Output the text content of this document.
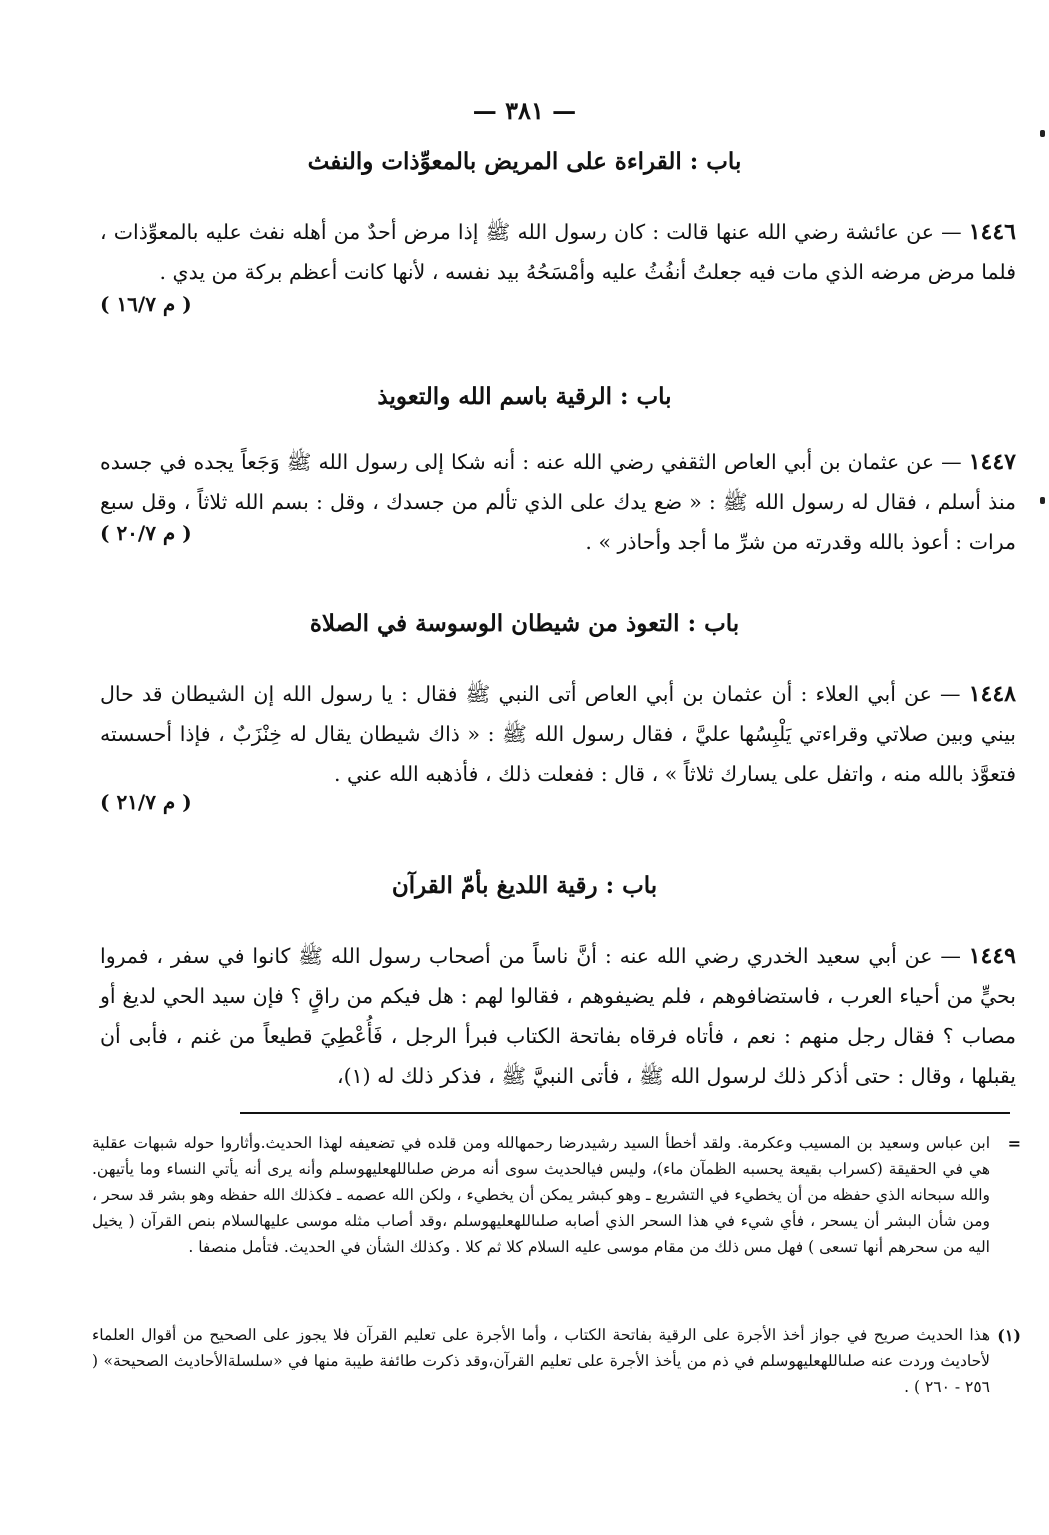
— ٣٨١ —
باب : القراءة على المريض بالمعوِّذات والنفث
١٤٤٦ — عن عائشة رضي الله عنها قالت : كان رسول الله ﷺ إذا مرض أحدٌ من أهله نفث عليه بالمعوِّذات ، فلما مرض مرضه الذي مات فيه جعلتُ أنفُثُ عليه وأمْسَحُهُ بيد نفسه ، لأنها كانت أعظم بركة من يدي .
( م ١٦/٧ )
باب : الرقية باسم الله والتعويذ
١٤٤٧ — عن عثمان بن أبي العاص الثقفي رضي الله عنه : أنه شكا إلى رسول الله ﷺ وَجَعاً يجده في جسده منذ أسلم ، فقال له رسول الله ﷺ : « ضع يدك على الذي تألم من جسدك ، وقل : بسم الله ثلاثاً ، وقل سبع مرات : أعوذ بالله وقدرته من شرِّ ما أجد وأحاذر » .
( م ٢٠/٧ )
باب : التعوذ من شيطان الوسوسة في الصلاة
١٤٤٨ — عن أبي العلاء : أن عثمان بن أبي العاص أتى النبي ﷺ فقال : يا رسول الله إن الشيطان قد حال بيني وبين صلاتي وقراءتي يَلْبِسُها عليَّ ، فقال رسول الله ﷺ : « ذاك شيطان يقال له خِنْزَبٌ ، فإذا أحسسته فتعوَّذ بالله منه ، واتفل على يسارك ثلاثاً » ، قال : ففعلت ذلك ، فأذهبه الله عني .
( م ٢١/٧ )
باب : رقية اللديغ بأمّ القرآن
١٤٤٩ — عن أبي سعيد الخدري رضي الله عنه : أنَّ ناساً من أصحاب رسول الله ﷺ كانوا في سفر ، فمروا بحيٍّ من أحياء العرب ، فاستضافوهم ، فلم يضيفوهم ، فقالوا لهم : هل فيكم من راقٍ ؟ فإن سيد الحي لديغ أو مصاب ؟ فقال رجل منهم : نعم ، فأتاه فرقاه بفاتحة الكتاب فبرأ الرجل ، فَأُعْطِيَ قطيعاً من غنم ، فأبى أن يقبلها ، وقال : حتى أذكر ذلك لرسول الله ﷺ ، فأتى النبيَّ ﷺ ، فذكر ذلك له (١)،
=
ابن عباس وسعيد بن المسيب وعكرمة. ولقد أخطأ السيد رشيدرضا رحمهالله ومن قلده في تضعيفه لهذا الحديث.وأثاروا حوله شبهات عقلية هي في الحقيقة (كسراب بقيعة يحسبه الظمآن ماء)، وليس فيالحديث سوى أنه مرض صلىاللهعليهوسلم وأنه يرى أنه يأتي النساء وما يأتيهن. والله سبحانه الذي حفظه من أن يخطيء في التشريع ـ وهو كبشر يمكن أن يخطيء ، ولكن الله عصمه ـ فكذلك الله حفظه وهو بشر قد سحر ، ومن شأن البشر أن يسحر ، فأي شيء في هذا السحر الذي أصابه صلىاللهعليهوسلم ،وقد أصاب مثله موسى عليهالسلام بنص القرآن ( يخيل اليه من سحرهم أنها تسعى ) فهل مس ذلك من مقام موسى عليه السلام كلا ثم كلا . وكذلك الشأن في الحديث. فتأمل منصفا .
(١)
هذا الحديث صريح في جواز أخذ الأجرة على الرقية بفاتحة الكتاب ، وأما الأجرة على تعليم القرآن فلا يجوز على الصحيح من أقوال العلماء لأحاديث وردت عنه صلىاللهعليهوسلم في ذم من يأخذ الأجرة على تعليم القرآن،وقد ذكرت طائفة طيبة منها في «سلسلةالأحاديث الصحيحة» ( ٢٥٦ - ٢٦٠ ) .
